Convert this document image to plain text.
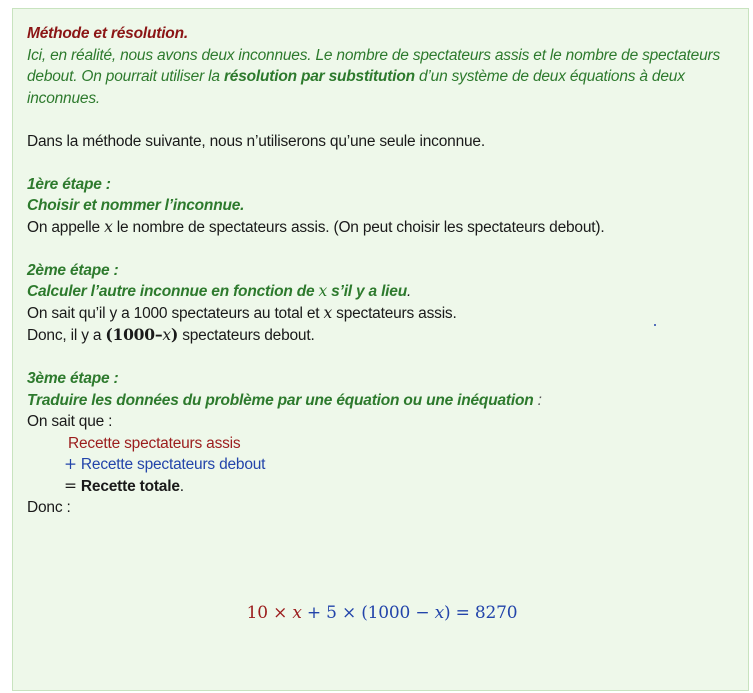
Méthode et résolution.

Ici, en réalité, nous avons deux inconnues. Le nombre de spectateurs assis et le nombre de spectateurs debout. On pourrait utiliser la résolution par substitution d’un système de deux équations à deux inconnues.

Dans la méthode suivante, nous n’utiliserons qu’une seule inconnue.

1ère étape :

Choisir et nommer l’inconnue.

On appelle x le nombre de spectateurs assis. (On peut choisir les spectateurs debout).

2ème étape :

Calculer l’autre inconnue en fonction de x s’il y a lieu.

On sait qu’il y a 1000 spectateurs au total et x spectateurs assis.

Donc, il y a (1000–x) spectateurs debout.

3ème étape :

Traduire les données du problème par une équation ou une inéquation :

On sait que :

Recette spectateurs assis

+ Recette spectateurs debout

= Recette totale.

Donc :

10 × x + 5 × (1000 − x) = 8270
